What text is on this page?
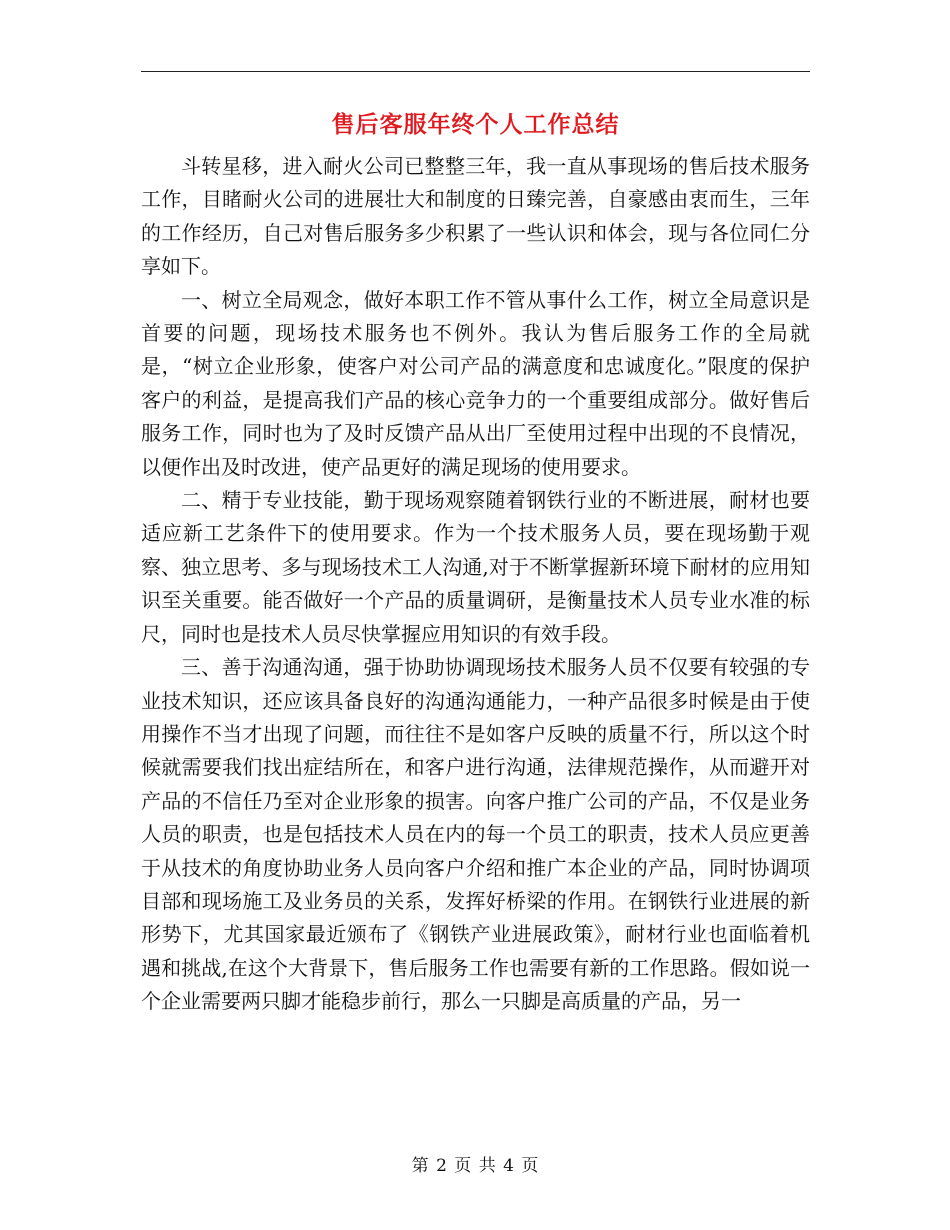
售后客服年终个人工作总结

斗转星移，进入耐火公司已整整三年，我一直从事现场的售后技术服务工作，目睹耐火公司的进展壮大和制度的日臻完善，自豪感由衷而生，三年的工作经历，自己对售后服务多少积累了一些认识和体会，现与各位同仁分享如下。

一、树立全局观念，做好本职工作不管从事什么工作，树立全局意识是首要的问题，现场技术服务也不例外。我认为售后服务工作的全局就是，“树立企业形象，使客户对公司产品的满意度和忠诚度化。”限度的保护客户的利益，是提高我们产品的核心竞争力的一个重要组成部分。做好售后服务工作，同时也为了及时反馈产品从出厂至使用过程中出现的不良情况，以便作出及时改进，使产品更好的满足现场的使用要求。

二、精于专业技能，勤于现场观察随着钢铁行业的不断进展，耐材也要适应新工艺条件下的使用要求。作为一个技术服务人员，要在现场勤于观察、独立思考、多与现场技术工人沟通,对于不断掌握新环境下耐材的应用知识至关重要。能否做好一个产品的质量调研，是衡量技术人员专业水准的标尺，同时也是技术人员尽快掌握应用知识的有效手段。

三、善于沟通沟通，强于协助协调现场技术服务人员不仅要有较强的专业技术知识，还应该具备良好的沟通沟通能力，一种产品很多时候是由于使用操作不当才出现了问题，而往往不是如客户反映的质量不行，所以这个时候就需要我们找出症结所在，和客户进行沟通，法律规范操作，从而避开对产品的不信任乃至对企业形象的损害。向客户推广公司的产品，不仅是业务人员的职责，也是包括技术人员在内的每一个员工的职责，技术人员应更善于从技术的角度协助业务人员向客户介绍和推广本企业的产品，同时协调项目部和现场施工及业务员的关系，发挥好桥梁的作用。在钢铁行业进展的新形势下，尤其国家最近颁布了《钢铁产业进展政策》，耐材行业也面临着机遇和挑战,在这个大背景下，售后服务工作也需要有新的工作思路。假如说一个企业需要两只脚才能稳步前行，那么一只脚是高质量的产品，另一

第 2 页 共 4 页
